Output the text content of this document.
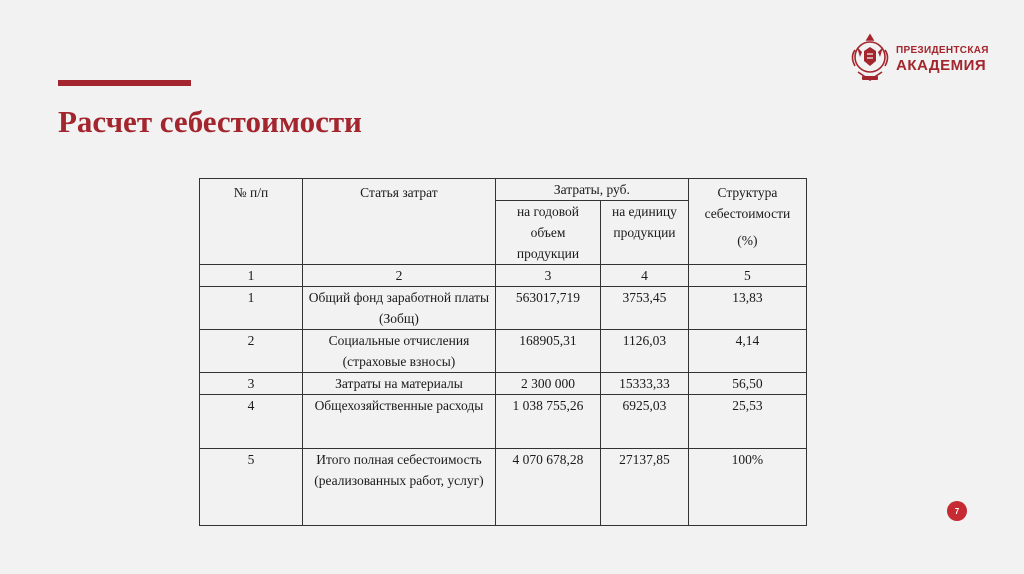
Расчет себестоимости
ПРЕЗИДЕНТСКАЯ
АКАДЕМИЯ
№ п/п	Статья затрат	Затраты, руб.		Структура себестоимости
(%)

		на годовой объем продукции	на единицу продукции	
1	2	3	4	5
1	Общий фонд заработной платы (Зобщ)	563017,719	3753,45	13,83
2	Социальные отчисления (страховые взносы)	168905,31	1126,03	4,14
3	Затраты на материалы	2 300 000	15333,33	56,50
4	Общехозяйственные расходы	1 038 755,26	6925,03	25,53
5	Итого полная себестоимость (реализованных работ, услуг)	4 070 678,28	27137,85	100%
7
